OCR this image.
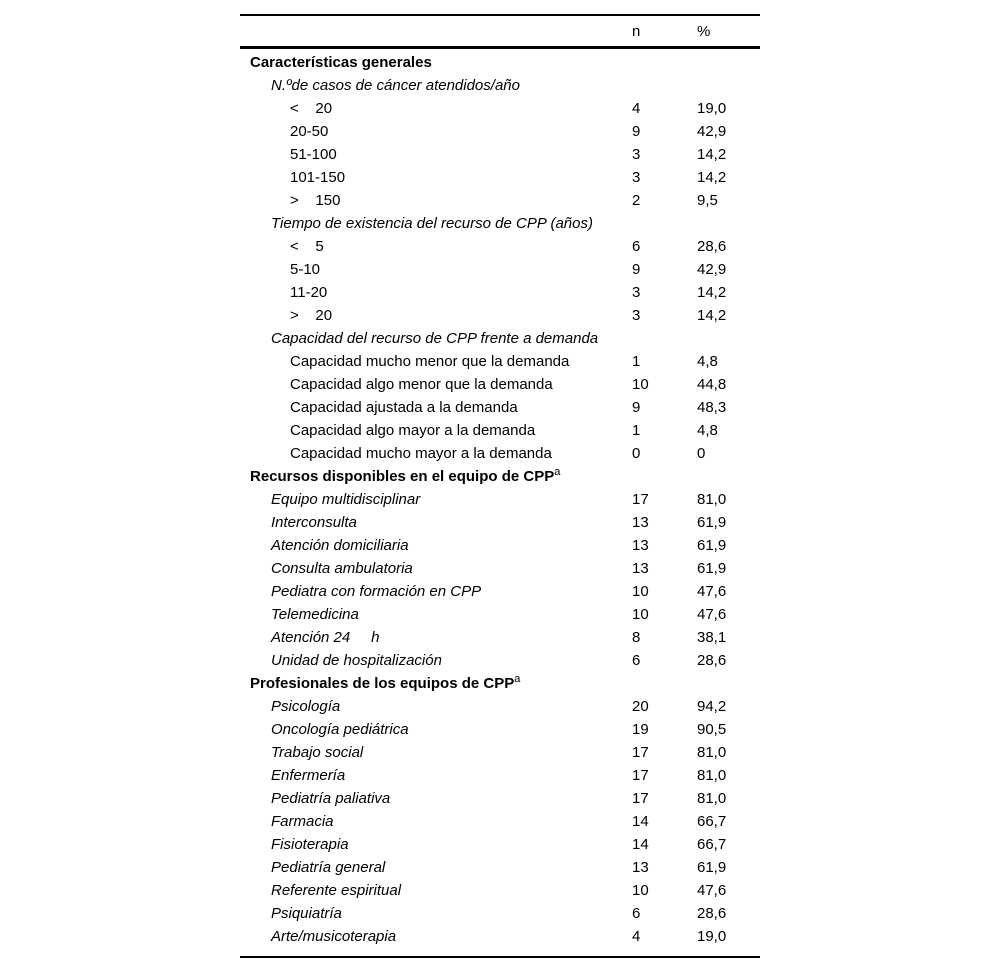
n	%
Características generales
N.ºde casos de cáncer atendidos/año
<    20	4	19,0
20-50	9	42,9
51-100	3	14,2
101-150	3	14,2
>    150	2	9,5
Tiempo de existencia del recurso de CPP (años)
<    5	6	28,6
5-10	9	42,9
11-20	3	14,2
>    20	3	14,2
Capacidad del recurso de CPP frente a demanda
Capacidad mucho menor que la demanda	1	4,8
Capacidad algo menor que la demanda	10	44,8
Capacidad ajustada a la demanda	9	48,3
Capacidad algo mayor a la demanda	1	4,8
Capacidad mucho mayor a la demanda	0	0
Recursos disponibles en el equipo de CPP$^a$
Equipo multidisciplinar	17	81,0
Interconsulta	13	61,9
Atención domiciliaria	13	61,9
Consulta ambulatoria	13	61,9
Pediatra con formación en CPP	10	47,6
Telemedicina	10	47,6
Atención 24     h	8	38,1
Unidad de hospitalización	6	28,6
Profesionales de los equipos de CPP$^a$
Psicología	20	94,2
Oncología pediátrica	19	90,5
Trabajo social	17	81,0
Enfermería	17	81,0
Pediatría paliativa	17	81,0
Farmacia	14	66,7
Fisioterapia	14	66,7
Pediatría general	13	61,9
Referente espiritual	10	47,6
Psiquiatría	6	28,6
Arte/musicoterapia	4	19,0
